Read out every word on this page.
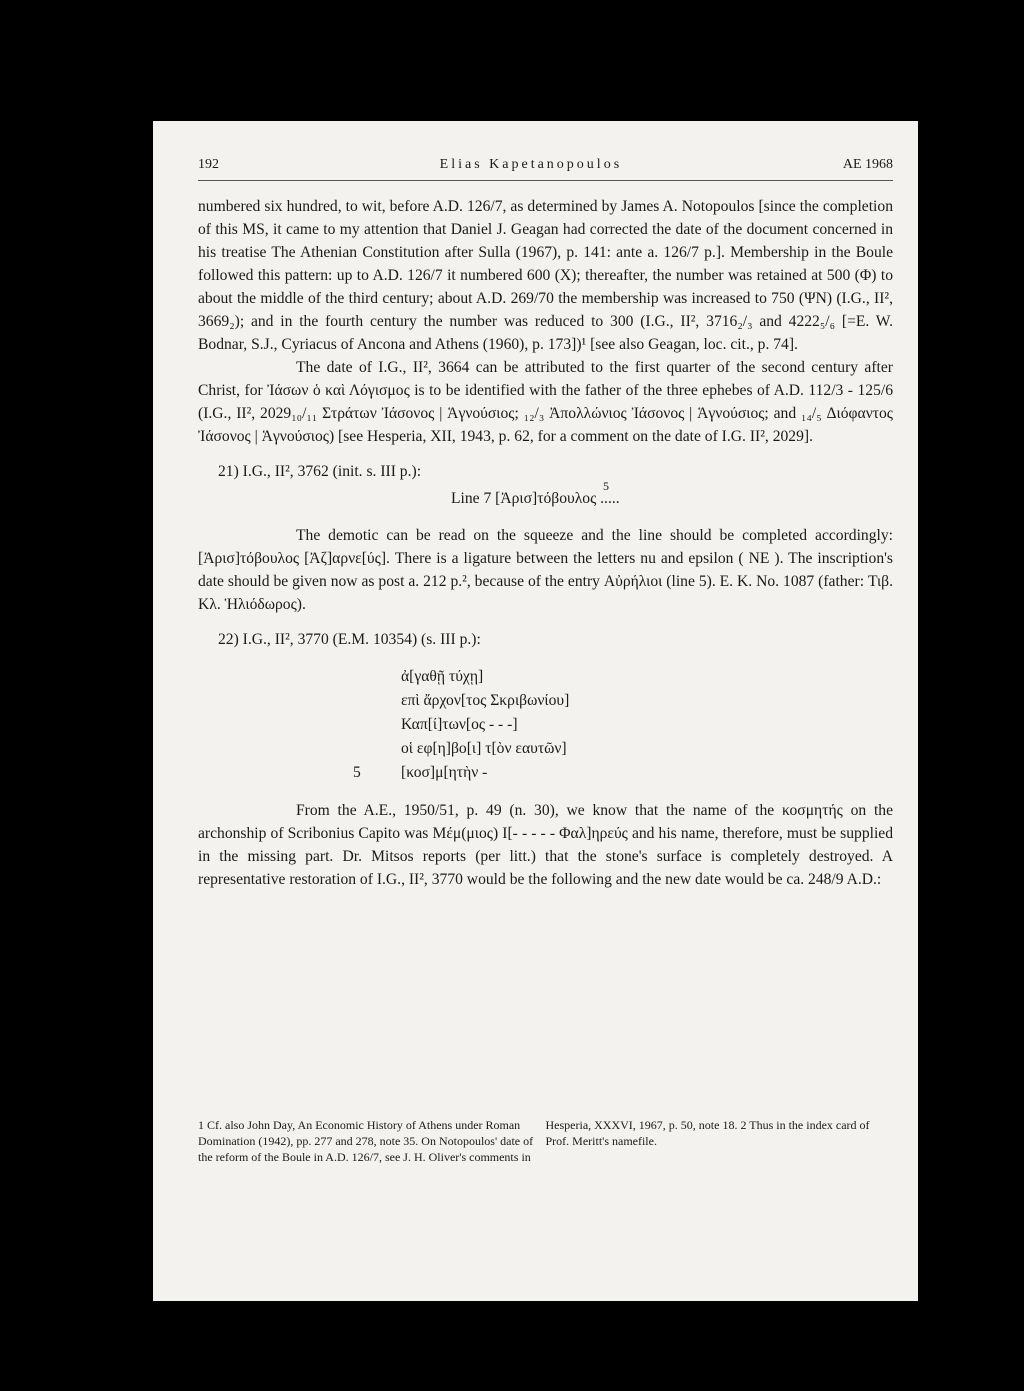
192	Elias Kapetanopoulos	AE 1968

numbered six hundred, to wit, before A.D. 126/7, as determined by James A. Notopoulos [since the completion of this MS, it came to my attention that Daniel J. Geagan had corrected the date of the document concerned in his treatise The Athenian Constitution after Sulla (1967), p. 141: ante a. 126/7 p.]. Membership in the Boule followed this pattern: up to A.D. 126/7 it numbered 600 (X); thereafter, the number was retained at 500 (Φ) to about the middle of the third century; about A.D. 269/70 the membership was increased to 750 (ΨΝ) (I.G., II², 3669₂); and in the fourth century the number was reduced to 300 (I.G., II², 3716₂/₃ and 4222₅/₆ [=E. W. Bodnar, S.J., Cyriacus of Ancona and Athens (1960), p. 173])¹ [see also Geagan, loc. cit., p. 74].

The date of I.G., II², 3664 can be attributed to the first quarter of the second century after Christ, for Ἰάσων ὁ καὶ Λόγισμος is to be identified with the father of the three ephebes of A.D. 112/3 - 125/6 (I.G., II², 2029₁₀/₁₁ Στράτων Ἰάσονος | Ἁγνούσιος; ₁₂/₃ Ἀπολλώνιος Ἰάσονος | Ἁγνούσιος; and ₁₄/₅ Διόφαντος Ἰάσονος | Ἁγνούσιος) [see Hesperia, XII, 1943, p. 62, for a comment on the date of I.G. II², 2029].

21) I.G., II², 3762 (init. s. III p.):

5
Line 7 [Ἀρισ]τόβουλος .....

The demotic can be read on the squeeze and the line should be completed accordingly: [Ἀρισ]τόβουλος [Ἀζ]αρνε[ύς]. There is a ligature between the letters nu and epsilon ( ΝΕ ). The inscription's date should be given now as post a. 212 p.², because of the entry Αὐρήλιοι (line 5). E. K. No. 1087 (father: Τιβ. Κλ. Ἡλιόδωρος).

22) I.G., II², 3770 (E.M. 10354) (s. III p.):

ἀ[γαθῇ τύχῃ]
επὶ ἄρχον[τος Σκριβωνίου]
Καπ[ί]των[ος - - -]
οἱ εφ[η]βο[ι] τ[ὸν εαυτῶν]
5	[κοσ]μ[ητὴν -

From the A.E., 1950/51, p. 49 (n. 30), we know that the name of the κοσμητής on the archonship of Scribonius Capito was Μέμ(μιος) Ι[- - - - - Φαλ]ηρεύς and his name, therefore, must be supplied in the missing part. Dr. Mitsos reports (per litt.) that the stone's surface is completely destroyed. A representative restoration of I.G., II², 3770 would be the following and the new date would be ca. 248/9 A.D.:

1 Cf. also John Day, An Economic History of Athens under Roman Domination (1942), pp. 277 and 278, note 35. On Notopoulos' date of the reform of the Boule in A.D. 126/7, see J. H. Oliver's comments in
Hesperia, XXXVI, 1967, p. 50, note 18. 2 Thus in the index card of Prof. Meritt's namefile.
